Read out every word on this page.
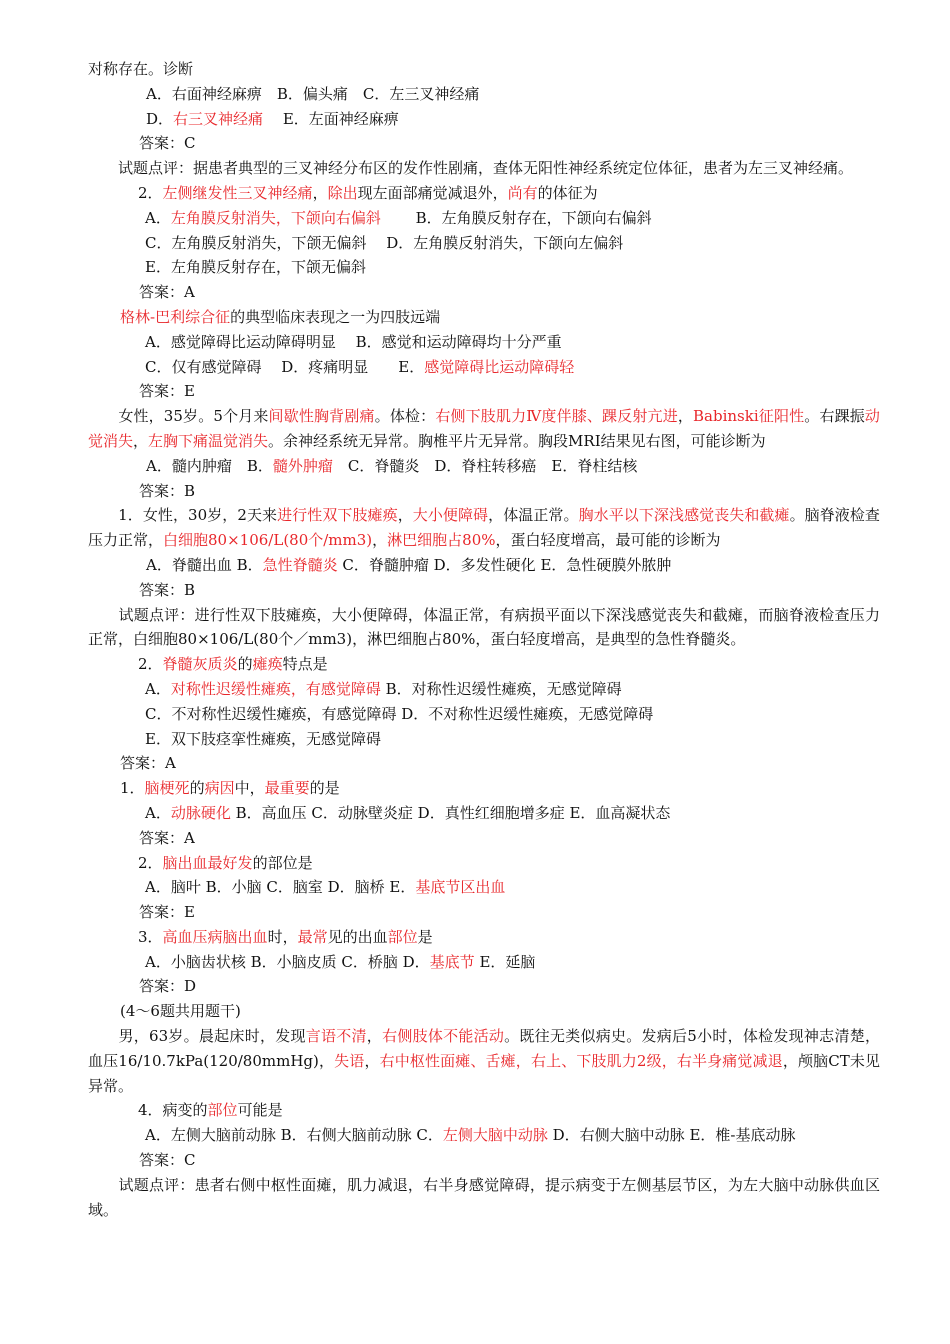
对称存在。诊断
A．右面神经麻痹　B．偏头痛　C．左三叉神经痛
D．右三叉神经痛　 E．左面神经麻痹
答案：C
　　试题点评：据患者典型的三叉神经分布区的发作性剧痛，查体无阳性神经系统定位体征，患者为左三叉神经痛。
2．左侧继发性三叉神经痛，除出现左面部痛觉减退外，尚有的体征为
A．左角膜反射消失，下颌向右偏斜　　 B．左角膜反射存在，下颌向右偏斜
C．左角膜反射消失，下颌无偏斜　 D．左角膜反射消失，下颌向左偏斜
E．左角膜反射存在，下颌无偏斜
答案：A
格林-巴利综合征的典型临床表现之一为四肢远端
A．感觉障碍比运动障碍明显　 B．感觉和运动障碍均十分严重
C．仅有感觉障碍　 D．疼痛明显　　E．感觉障碍比运动障碍轻
答案：E
　　女性，35岁。5个月来间歇性胸背剧痛。体检：右侧下肢肌力Ⅳ度伴膝、踝反射亢进，Babinski征阳性。右踝振动觉消失，左胸下痛温觉消失。余神经系统无异常。胸椎平片无异常。胸段MRI结果见右图，可能诊断为
A．髓内肿瘤　B．髓外肿瘤　C．脊髓炎　D．脊柱转移癌　E．脊柱结核
答案：B
　　1．女性，30岁，2天来进行性双下肢瘫痪，大小便障碍，体温正常。胸水平以下深浅感觉丧失和截瘫。脑脊液检查压力正常，白细胞80×106/L(80个/mm3)，淋巴细胞占80%，蛋白轻度增高，最可能的诊断为
A．脊髓出血 B．急性脊髓炎 C．脊髓肿瘤 D．多发性硬化 E．急性硬膜外脓肿
答案：B
　　试题点评：进行性双下肢瘫痪，大小便障碍，体温正常，有病损平面以下深浅感觉丧失和截瘫，而脑脊液检查压力正常，白细胞80×106/L(80个／mm3)，淋巴细胞占80%，蛋白轻度增高，是典型的急性脊髓炎。
2．脊髓灰质炎的瘫痪特点是
A．对称性迟缓性瘫痪，有感觉障碍 B．对称性迟缓性瘫痪，无感觉障碍
C．不对称性迟缓性瘫痪，有感觉障碍 D．不对称性迟缓性瘫痪，无感觉障碍
E．双下肢痉挛性瘫痪，无感觉障碍
答案：A
1．脑梗死的病因中，最重要的是
A．动脉硬化 B．高血压 C．动脉壁炎症 D．真性红细胞增多症 E．血高凝状态
答案：A
2．脑出血最好发的部位是
A．脑叶 B．小脑 C．脑室 D．脑桥 E．基底节区出血
答案：E
3．高血压病脑出血时，最常见的出血部位是
A．小脑齿状核 B．小脑皮质 C．桥脑 D．基底节 E．延脑
答案：D
(4～6题共用题干)
　　男，63岁。晨起床时，发现言语不清，右侧肢体不能活动。既往无类似病史。发病后5小时，体检发现神志清楚，血压16/10.7kPa(120/80mmHg)，失语，右中枢性面瘫、舌瘫，右上、下肢肌力2级，右半身痛觉减退，颅脑CT未见异常。
4．病变的部位可能是
A．左侧大脑前动脉 B．右侧大脑前动脉 C．左侧大脑中动脉 D．右侧大脑中动脉 E．椎-基底动脉
答案：C
　　试题点评：患者右侧中枢性面瘫，肌力减退，右半身感觉障碍，提示病变于左侧基层节区，为左大脑中动脉供血区域。
